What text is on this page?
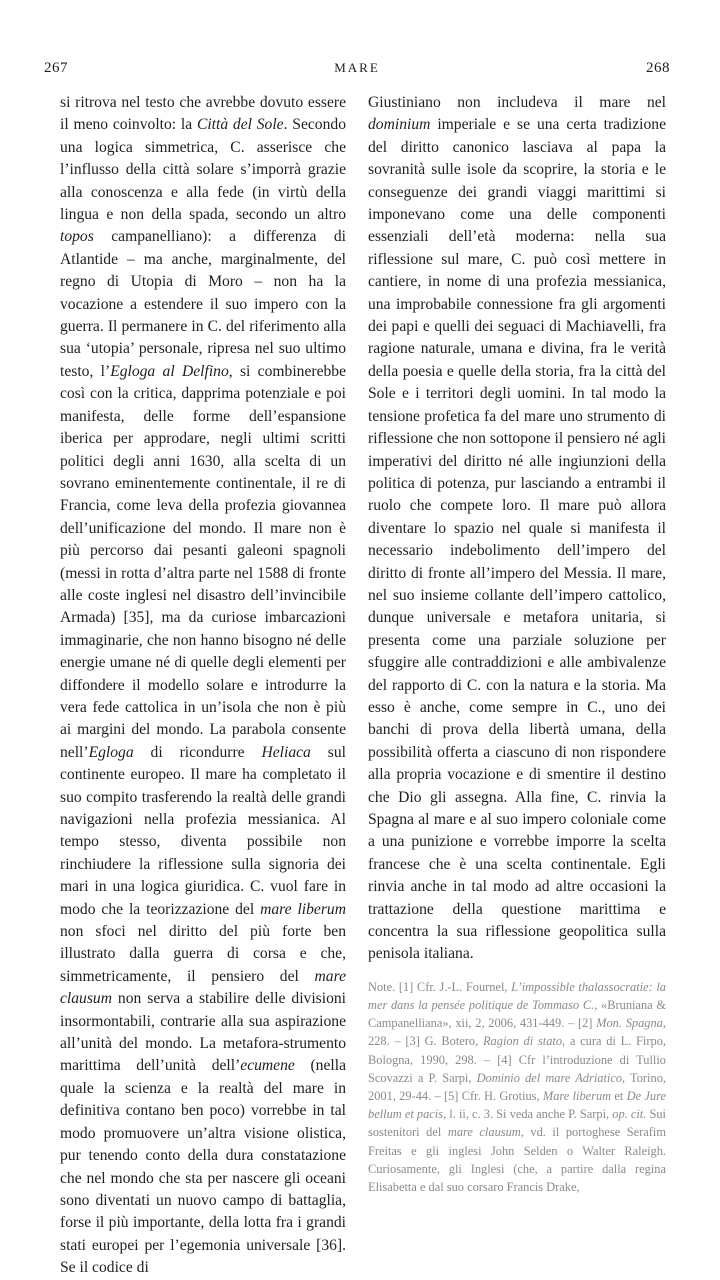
267	MARE	268

si ritrova nel testo che avrebbe dovuto essere il meno coinvolto: la Città del Sole. Secondo una logica simmetrica, C. asserisce che l’influsso della città solare s’imporrà grazie alla conoscenza e alla fede (in virtù della lingua e non della spada, secondo un altro topos campanelliano): a differenza di Atlantide – ma anche, marginalmente, del regno di Utopia di Moro – non ha la vocazione a estendere il suo impero con la guerra. Il permanere in C. del riferimento alla sua ‘utopia’ personale, ripresa nel suo ultimo testo, l’Egloga al Delfino, si combinerebbe così con la critica, dapprima potenziale e poi manifesta, delle forme dell’espansione iberica per approdare, negli ultimi scritti politici degli anni 1630, alla scelta di un sovrano eminentemente continentale, il re di Francia, come leva della profezia giovannea dell’unificazione del mondo. Il mare non è più percorso dai pesanti galeoni spagnoli (messi in rotta d’altra parte nel 1588 di fronte alle coste inglesi nel disastro dell’invincibile Armada) [35], ma da curiose imbarcazioni immaginarie, che non hanno bisogno né delle energie umane né di quelle degli elementi per diffondere il modello solare e introdurre la vera fede cattolica in un’isola che non è più ai margini del mondo. La parabola consente nell’Egloga di ricondurre Heliaca sul continente europeo. Il mare ha completato il suo compito trasferendo la realtà delle grandi navigazioni nella profezia messianica. Al tempo stesso, diventa possibile non rinchiudere la riflessione sulla signoria dei mari in una logica giuridica. C. vuol fare in modo che la teorizzazione del mare liberum non sfoci nel diritto del più forte ben illustrato dalla guerra di corsa e che, simmetricamente, il pensiero del mare clausum non serva a stabilire delle divisioni insormontabili, contrarie alla sua aspirazione all’unità del mondo. La metafora-strumento marittima dell’unità dell’ecumene (nella quale la scienza e la realtà del mare in definitiva contano ben poco) vorrebbe in tal modo promuovere un’altra visione olistica, pur tenendo conto della dura constatazione che nel mondo che sta per nascere gli oceani sono diventati un nuovo campo di battaglia, forse il più importante, della lotta fra i grandi stati europei per l’egemonia universale [36]. Se il codice di

Giustiniano non includeva il mare nel dominium imperiale e se una certa tradizione del diritto canonico lasciava al papa la sovranità sulle isole da scoprire, la storia e le conseguenze dei grandi viaggi marittimi si imponevano come una delle componenti essenziali dell’età moderna: nella sua riflessione sul mare, C. può così mettere in cantiere, in nome di una profezia messianica, una improbabile connessione fra gli argomenti dei papi e quelli dei seguaci di Machiavelli, fra ragione naturale, umana e divina, fra le verità della poesia e quelle della storia, fra la città del Sole e i territori degli uomini. In tal modo la tensione profetica fa del mare uno strumento di riflessione che non sottopone il pensiero né agli imperativi del diritto né alle ingiunzioni della politica di potenza, pur lasciando a entrambi il ruolo che compete loro. Il mare può allora diventare lo spazio nel quale si manifesta il necessario indebolimento dell’impero del diritto di fronte all’impero del Messia. Il mare, nel suo insieme collante dell’impero cattolico, dunque universale e metafora unitaria, si presenta come una parziale soluzione per sfuggire alle contraddizioni e alle ambivalenze del rapporto di C. con la natura e la storia. Ma esso è anche, come sempre in C., uno dei banchi di prova della libertà umana, della possibilità offerta a ciascuno di non rispondere alla propria vocazione e di smentire il destino che Dio gli assegna. Alla fine, C. rinvia la Spagna al mare e al suo impero coloniale come a una punizione e vorrebbe imporre la scelta francese che è una scelta continentale. Egli rinvia anche in tal modo ad altre occasioni la trattazione della questione marittima e concentra la sua riflessione geopolitica sulla penisola italiana.

Note. [1] Cfr. J.-L. Fournel, L’impossible thalassocratie: la mer dans la pensée politique de Tommaso C., «Bruniana & Campanelliana», xii, 2, 2006, 431-449. – [2] Mon. Spagna, 228. – [3] G. Botero, Ragion di stato, a cura di L. Firpo, Bologna, 1990, 298. – [4] Cfr l’introduzione di Tullio Scovazzi a P. Sarpi, Dominio del mare Adriatico, Torino, 2001, 29-44. – [5] Cfr. H. Grotius, Mare liberum et De Jure bellum et pacis, l. ii, c. 3. Si veda anche P. Sarpi, op. cit. Sui sostenitori del mare clausum, vd. il portoghese Serafim Freitas e gli inglesi John Selden o Walter Raleigh. Curiosamente, gli Inglesi (che, a partire dalla regina Elisabetta e dal suo corsaro Francis Drake,
